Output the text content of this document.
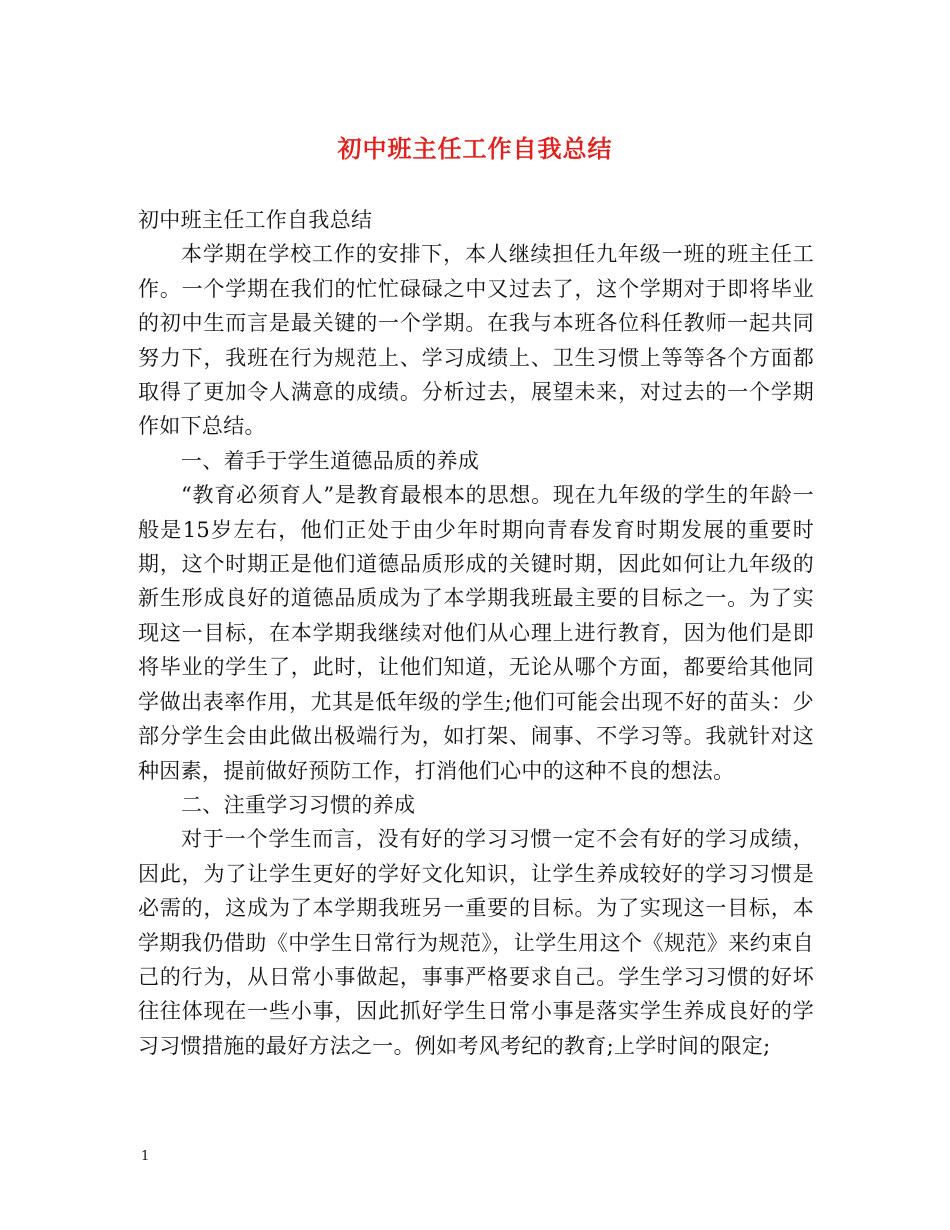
初中班主任工作自我总结

初中班主任工作自我总结

本学期在学校工作的安排下，本人继续担任九年级一班的班主任工作。一个学期在我们的忙忙碌碌之中又过去了，这个学期对于即将毕业的初中生而言是最关键的一个学期。在我与本班各位科任教师一起共同努力下，我班在行为规范上、学习成绩上、卫生习惯上等等各个方面都取得了更加令人满意的成绩。分析过去，展望未来，对过去的一个学期作如下总结。

一、着手于学生道德品质的养成

“教育必须育人”是教育最根本的思想。现在九年级的学生的年龄一般是15岁左右，他们正处于由少年时期向青春发育时期发展的重要时期，这个时期正是他们道德品质形成的关键时期，因此如何让九年级的新生形成良好的道德品质成为了本学期我班最主要的目标之一。为了实现这一目标，在本学期我继续对他们从心理上进行教育，因为他们是即将毕业的学生了，此时，让他们知道，无论从哪个方面，都要给其他同学做出表率作用，尤其是低年级的学生;他们可能会出现不好的苗头：少部分学生会由此做出极端行为，如打架、闹事、不学习等。我就针对这种因素，提前做好预防工作，打消他们心中的这种不良的想法。

二、注重学习习惯的养成

对于一个学生而言，没有好的学习习惯一定不会有好的学习成绩，因此，为了让学生更好的学好文化知识，让学生养成较好的学习习惯是必需的，这成为了本学期我班另一重要的目标。为了实现这一目标，本学期我仍借助《中学生日常行为规范》，让学生用这个《规范》来约束自己的行为，从日常小事做起，事事严格要求自己。学生学习习惯的好坏往往体现在一些小事，因此抓好学生日常小事是落实学生养成良好的学习习惯措施的最好方法之一。例如考风考纪的教育;上学时间的限定;

1
